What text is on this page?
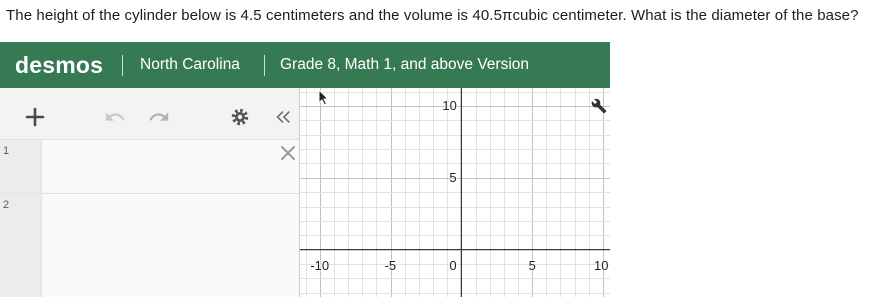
The height of the cylinder below is 4.5 centimeters and the volume is 40.5πcubic centimeter. What is the diameter of the base?
desmos North Carolina	Grade 8, Math 1, and above Version
1
2
-10	-5	5	10
10
5
0
